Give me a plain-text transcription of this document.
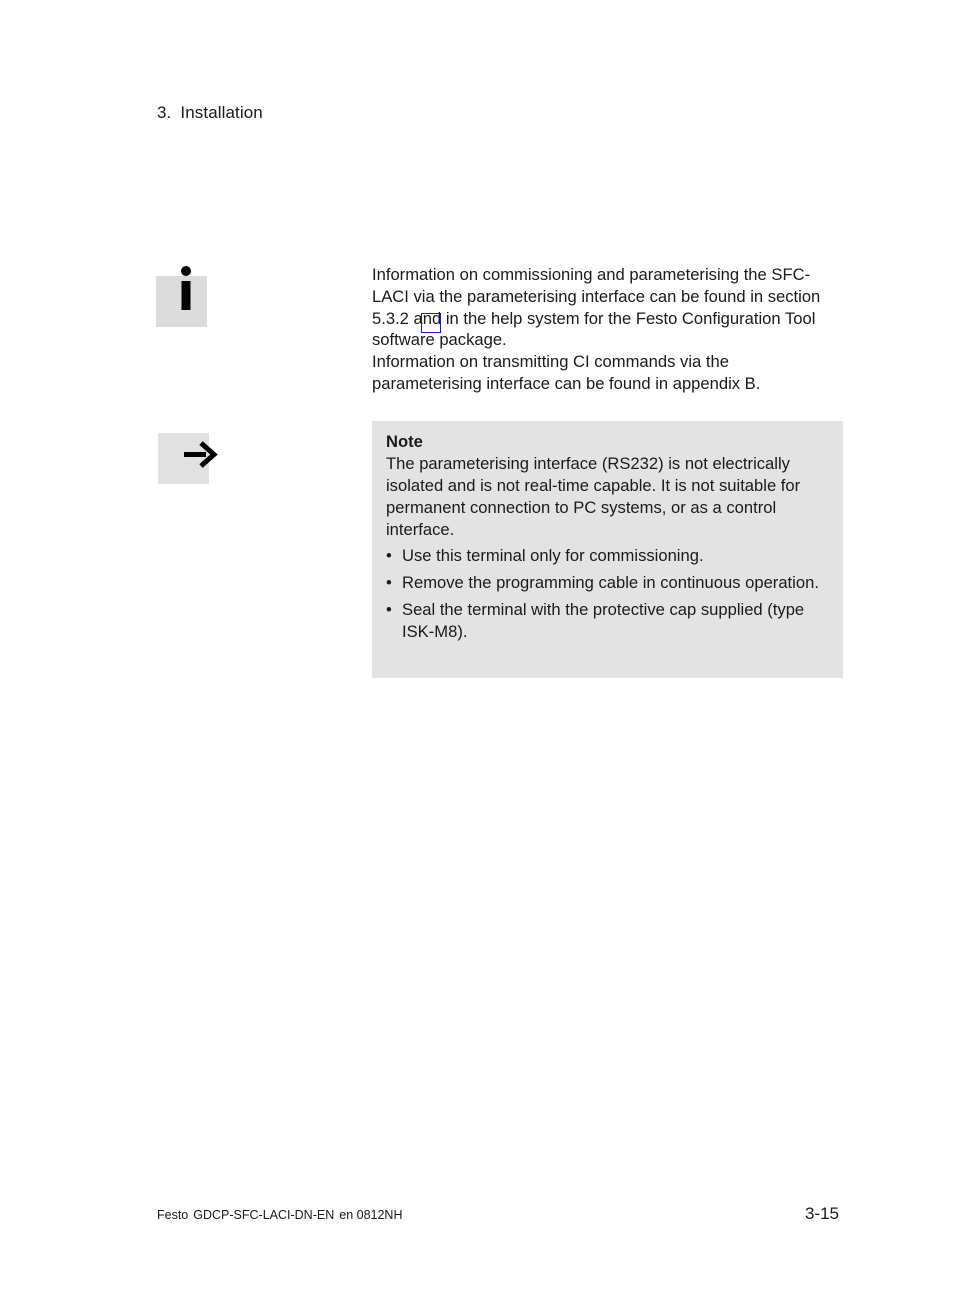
3. Installation

Information on commissioning and parameterising the SFC-LACI via the parameterising interface can be found in section 5.3.2 and in the help system for the Festo Configuration Tool software package.

Information on transmitting CI commands via the parameterising interface can be found in appendix B.

Note

The parameterising interface (RS232) is not electrically isolated and is not real-time capable. It is not suitable for permanent connection to PC systems, or as a control interface.

• Use this terminal only for commissioning.
• Remove the programming cable in continuous operation.
• Seal the terminal with the protective cap supplied (type ISK-M8).
Festo GDCP-SFC-LACI-DN-EN en 0812NH	3-15
